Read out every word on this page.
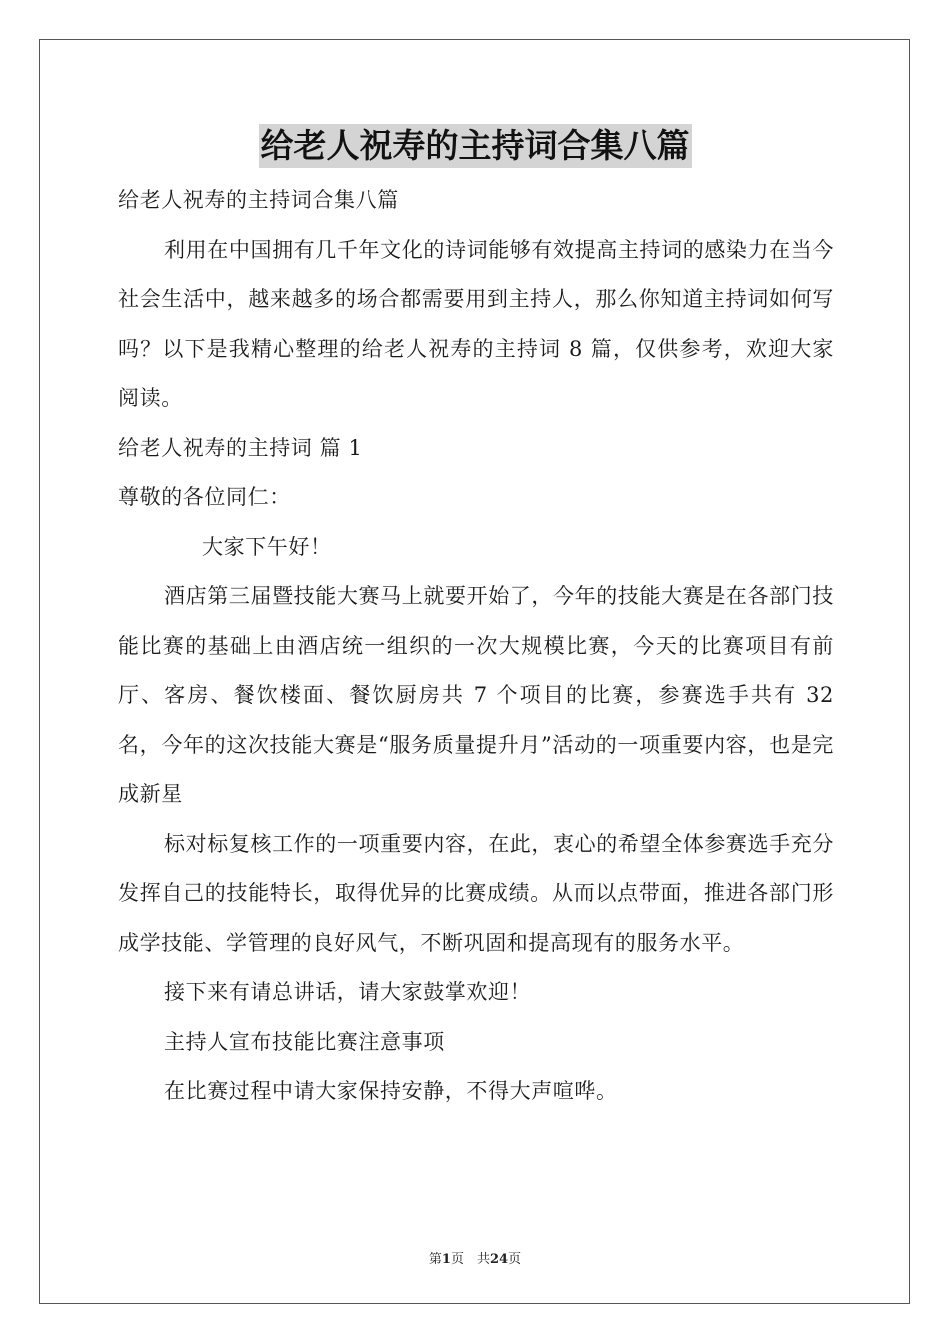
给老人祝寿的主持词合集八篇

给老人祝寿的主持词合集八篇

利用在中国拥有几千年文化的诗词能够有效提高主持词的感染力在当今社会生活中，越来越多的场合都需要用到主持人，那么你知道主持词如何写吗？以下是我精心整理的给老人祝寿的主持词 8 篇，仅供参考，欢迎大家阅读。

给老人祝寿的主持词 篇 1

尊敬的各位同仁：

大家下午好！

酒店第三届暨技能大赛马上就要开始了，今年的技能大赛是在各部门技能比赛的基础上由酒店统一组织的一次大规模比赛，今天的比赛项目有前厅、客房、餐饮楼面、餐饮厨房共 7 个项目的比赛，参赛选手共有 32 名，今年的这次技能大赛是“服务质量提升月”活动的一项重要内容，也是完成新星

标对标复核工作的一项重要内容，在此，衷心的希望全体参赛选手充分发挥自己的技能特长，取得优异的比赛成绩。从而以点带面，推进各部门形成学技能、学管理的良好风气，不断巩固和提高现有的服务水平。

接下来有请总讲话，请大家鼓掌欢迎！

主持人宣布技能比赛注意事项

在比赛过程中请大家保持安静，不得大声喧哗。

第1页　共24页
